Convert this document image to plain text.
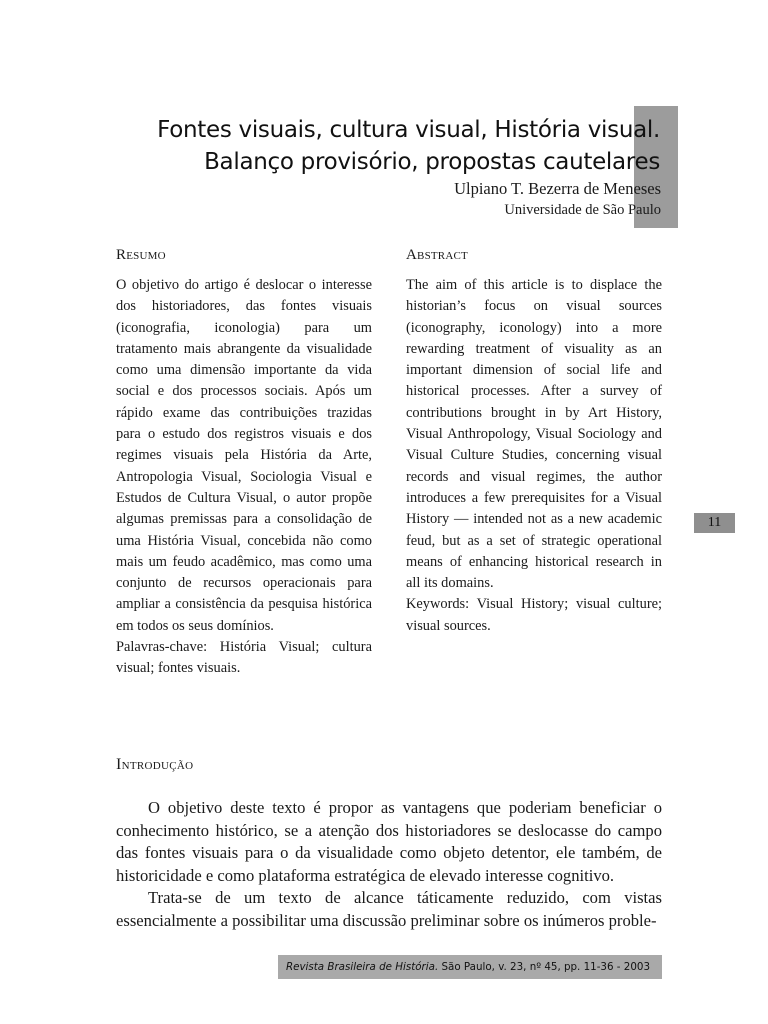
Fontes visuais, cultura visual, História visual.
Balanço provisório, propostas cautelares
Ulpiano T. Bezerra de Meneses
Universidade de São Paulo
Resumo

O objetivo do artigo é deslocar o interesse dos historiadores, das fontes visuais (iconografia, iconologia) para um tratamento mais abrangente da visualidade como uma dimensão importante da vida social e dos processos sociais. Após um rápido exame das contribuições trazidas para o estudo dos registros visuais e dos regimes visuais pela História da Arte, Antropologia Visual, Sociologia Visual e Estudos de Cultura Visual, o autor propõe algumas premissas para a consolidação de uma História Visual, concebida não como mais um feudo acadêmico, mas como uma conjunto de recursos operacionais para ampliar a consistência da pesquisa histórica em todos os seus domínios.

Palavras-chave: História Visual; cultura visual; fontes visuais.

Abstract

The aim of this article is to displace the historian’s focus on visual sources (iconography, iconology) into a more rewarding treatment of visuality as an important dimension of social life and historical processes. After a survey of contributions brought in by Art History, Visual Anthropology, Visual Sociology and Visual Culture Studies, concerning visual records and visual regimes, the author introduces a few prerequisites for a Visual History — intended not as a new academic feud, but as a set of strategic operational means of enhancing historical research in all its domains.

Keywords: Visual History; visual culture; visual sources.

11
Introdução

O objetivo deste texto é propor as vantagens que poderiam beneficiar o conhecimento histórico, se a atenção dos historiadores se deslocasse do campo das fontes visuais para o da visualidade como objeto detentor, ele também, de historicidade e como plataforma estratégica de elevado interesse cognitivo.

Trata-se de um texto de alcance táticamente reduzido, com vistas essencialmente a possibilitar uma discussão preliminar sobre os inúmeros proble-

Revista Brasileira de História. São Paulo, v. 23, nº 45, pp. 11-36 - 2003
